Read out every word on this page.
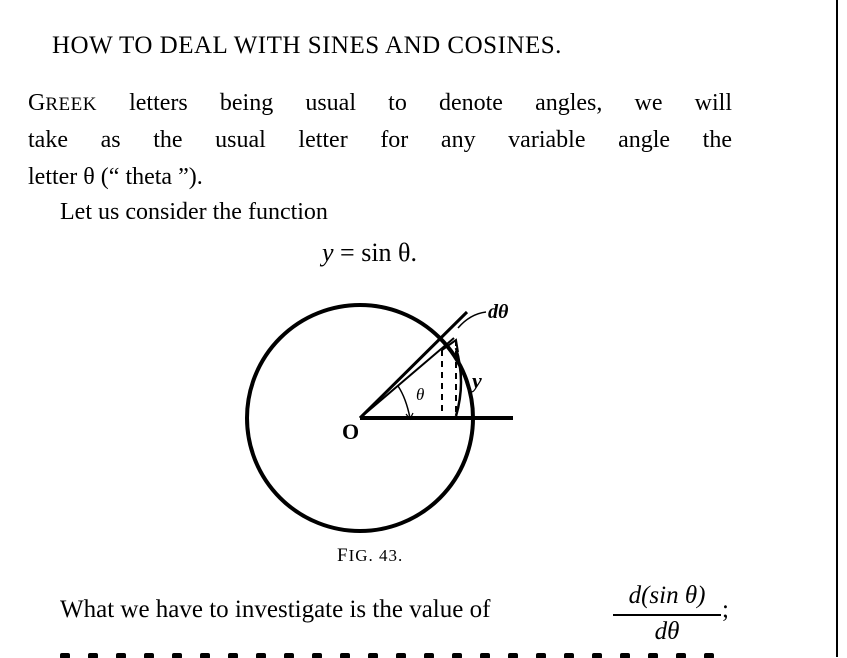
HOW TO DEAL WITH SINES AND COSINES.
GREEK letters being usual to denote angles, we will
take as the usual letter for any variable angle the
letter θ (“ theta ”).
Let us consider the function
y = sin θ.
O
θ
dθ
y
FIG. 43.
What we have to investigate is the value of
d(sin θ)
dθ
;
